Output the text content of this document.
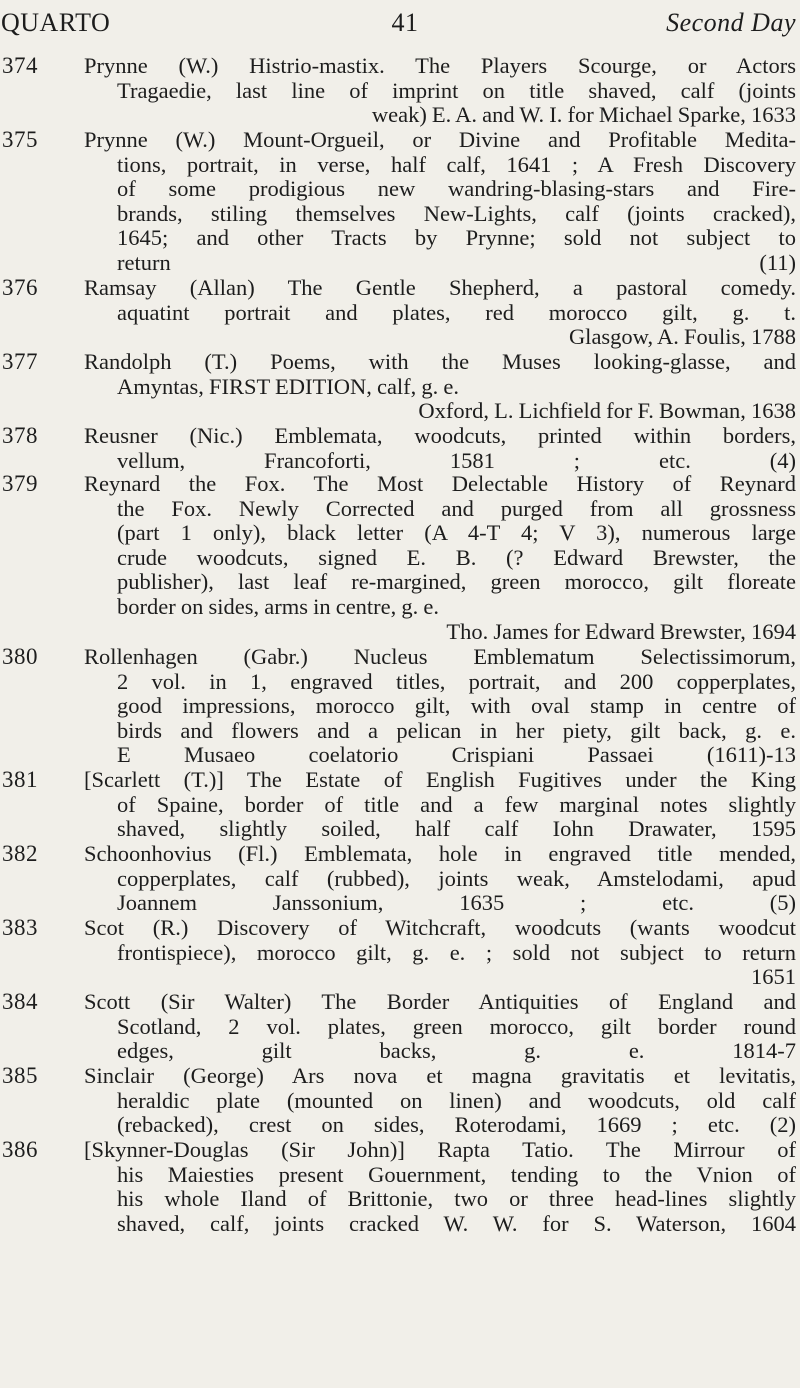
QUARTO	41	Second Day
374 Prynne (W.) Histrio-mastix. The Players Scourge, or Actors
Tragaedie, last line of imprint on title shaved, calf (joints
weak) E. A. and W. I. for Michael Sparke, 1633
375 Prynne (W.) Mount-Orgueil, or Divine and Profitable Medita-
tions, portrait, in verse, half calf, 1641 ; A Fresh Discovery
of some prodigious new wandring-blasing-stars and Fire-
brands, stiling themselves New-Lights, calf (joints cracked),
1645; and other Tracts by Prynne; sold not subject to
return (11)
376 Ramsay (Allan) The Gentle Shepherd, a pastoral comedy.
aquatint portrait and plates, red morocco gilt, g. t.
Glasgow, A. Foulis, 1788
377 Randolph (T.) Poems, with the Muses looking-glasse, and
Amyntas, FIRST EDITION, calf, g. e.
Oxford, L. Lichfield for F. Bowman, 1638
378 Reusner (Nic.) Emblemata, woodcuts, printed within borders,
vellum, Francoforti, 1581 ; etc. (4)
379 Reynard the Fox. The Most Delectable History of Reynard
the Fox. Newly Corrected and purged from all grossness
(part 1 only), black letter (A 4-T 4; V 3), numerous large
crude woodcuts, signed E. B. (? Edward Brewster, the
publisher), last leaf re-margined, green morocco, gilt floreate
border on sides, arms in centre, g. e.
Tho. James for Edward Brewster, 1694
380 Rollenhagen (Gabr.) Nucleus Emblematum Selectissimorum,
2 vol. in 1, engraved titles, portrait, and 200 copperplates,
good impressions, morocco gilt, with oval stamp in centre of
birds and flowers and a pelican in her piety, gilt back, g. e.
E Musaeo coelatorio Crispiani Passaei (1611)-13
381 [Scarlett (T.)] The Estate of English Fugitives under the King
of Spaine, border of title and a few marginal notes slightly
shaved, slightly soiled, half calf Iohn Drawater, 1595
382 Schoonhovius (Fl.) Emblemata, hole in engraved title mended,
copperplates, calf (rubbed), joints weak, Amstelodami, apud
Joannem Janssonium, 1635 ; etc. (5)
383 Scot (R.) Discovery of Witchcraft, woodcuts (wants woodcut
frontispiece), morocco gilt, g. e. ; sold not subject to return
1651
384 Scott (Sir Walter) The Border Antiquities of England and
Scotland, 2 vol. plates, green morocco, gilt border round
edges, gilt backs, g. e. 1814-7
385 Sinclair (George) Ars nova et magna gravitatis et levitatis,
heraldic plate (mounted on linen) and woodcuts, old calf
(rebacked), crest on sides, Roterodami, 1669 ; etc. (2)
386 [Skynner-Douglas (Sir John)] Rapta Tatio. The Mirrour of
his Maiesties present Gouernment, tending to the Vnion of
his whole Iland of Brittonie, two or three head-lines slightly
shaved, calf, joints cracked W. W. for S. Waterson, 1604
